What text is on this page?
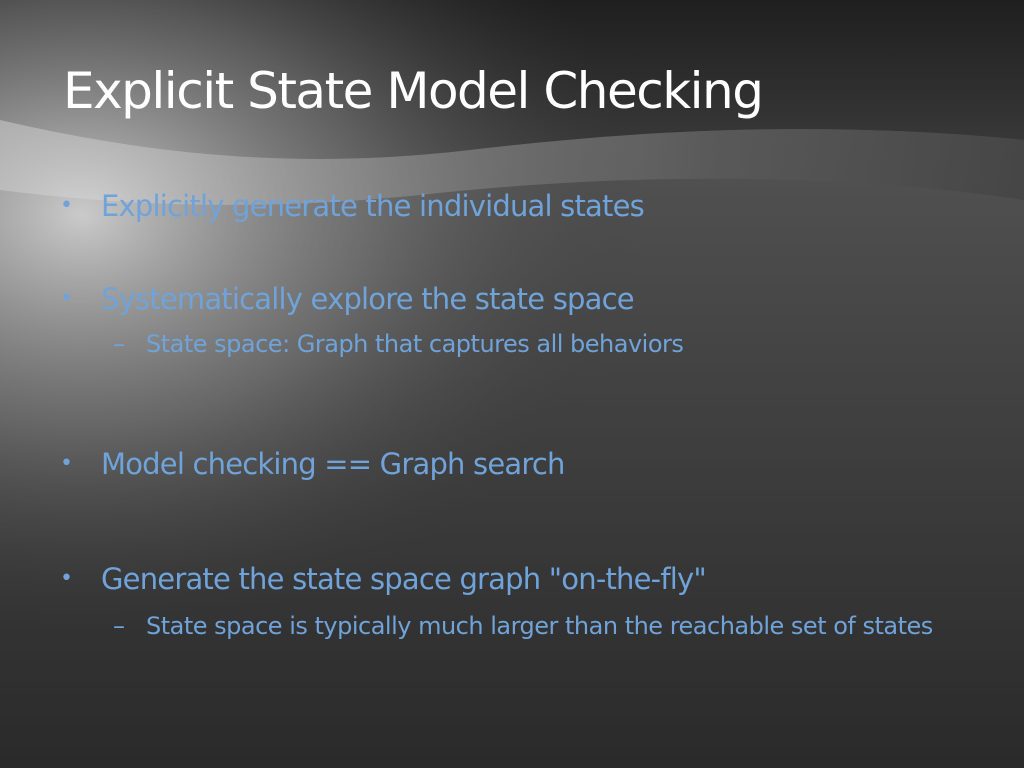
Explicit State Model Checking
• Explicitly generate the individual states
• Systematically explore the state space
– State space: Graph that captures all behaviors
• Model checking == Graph search
• Generate the state space graph "on-the-fly"
– State space is typically much larger than the reachable set of states
